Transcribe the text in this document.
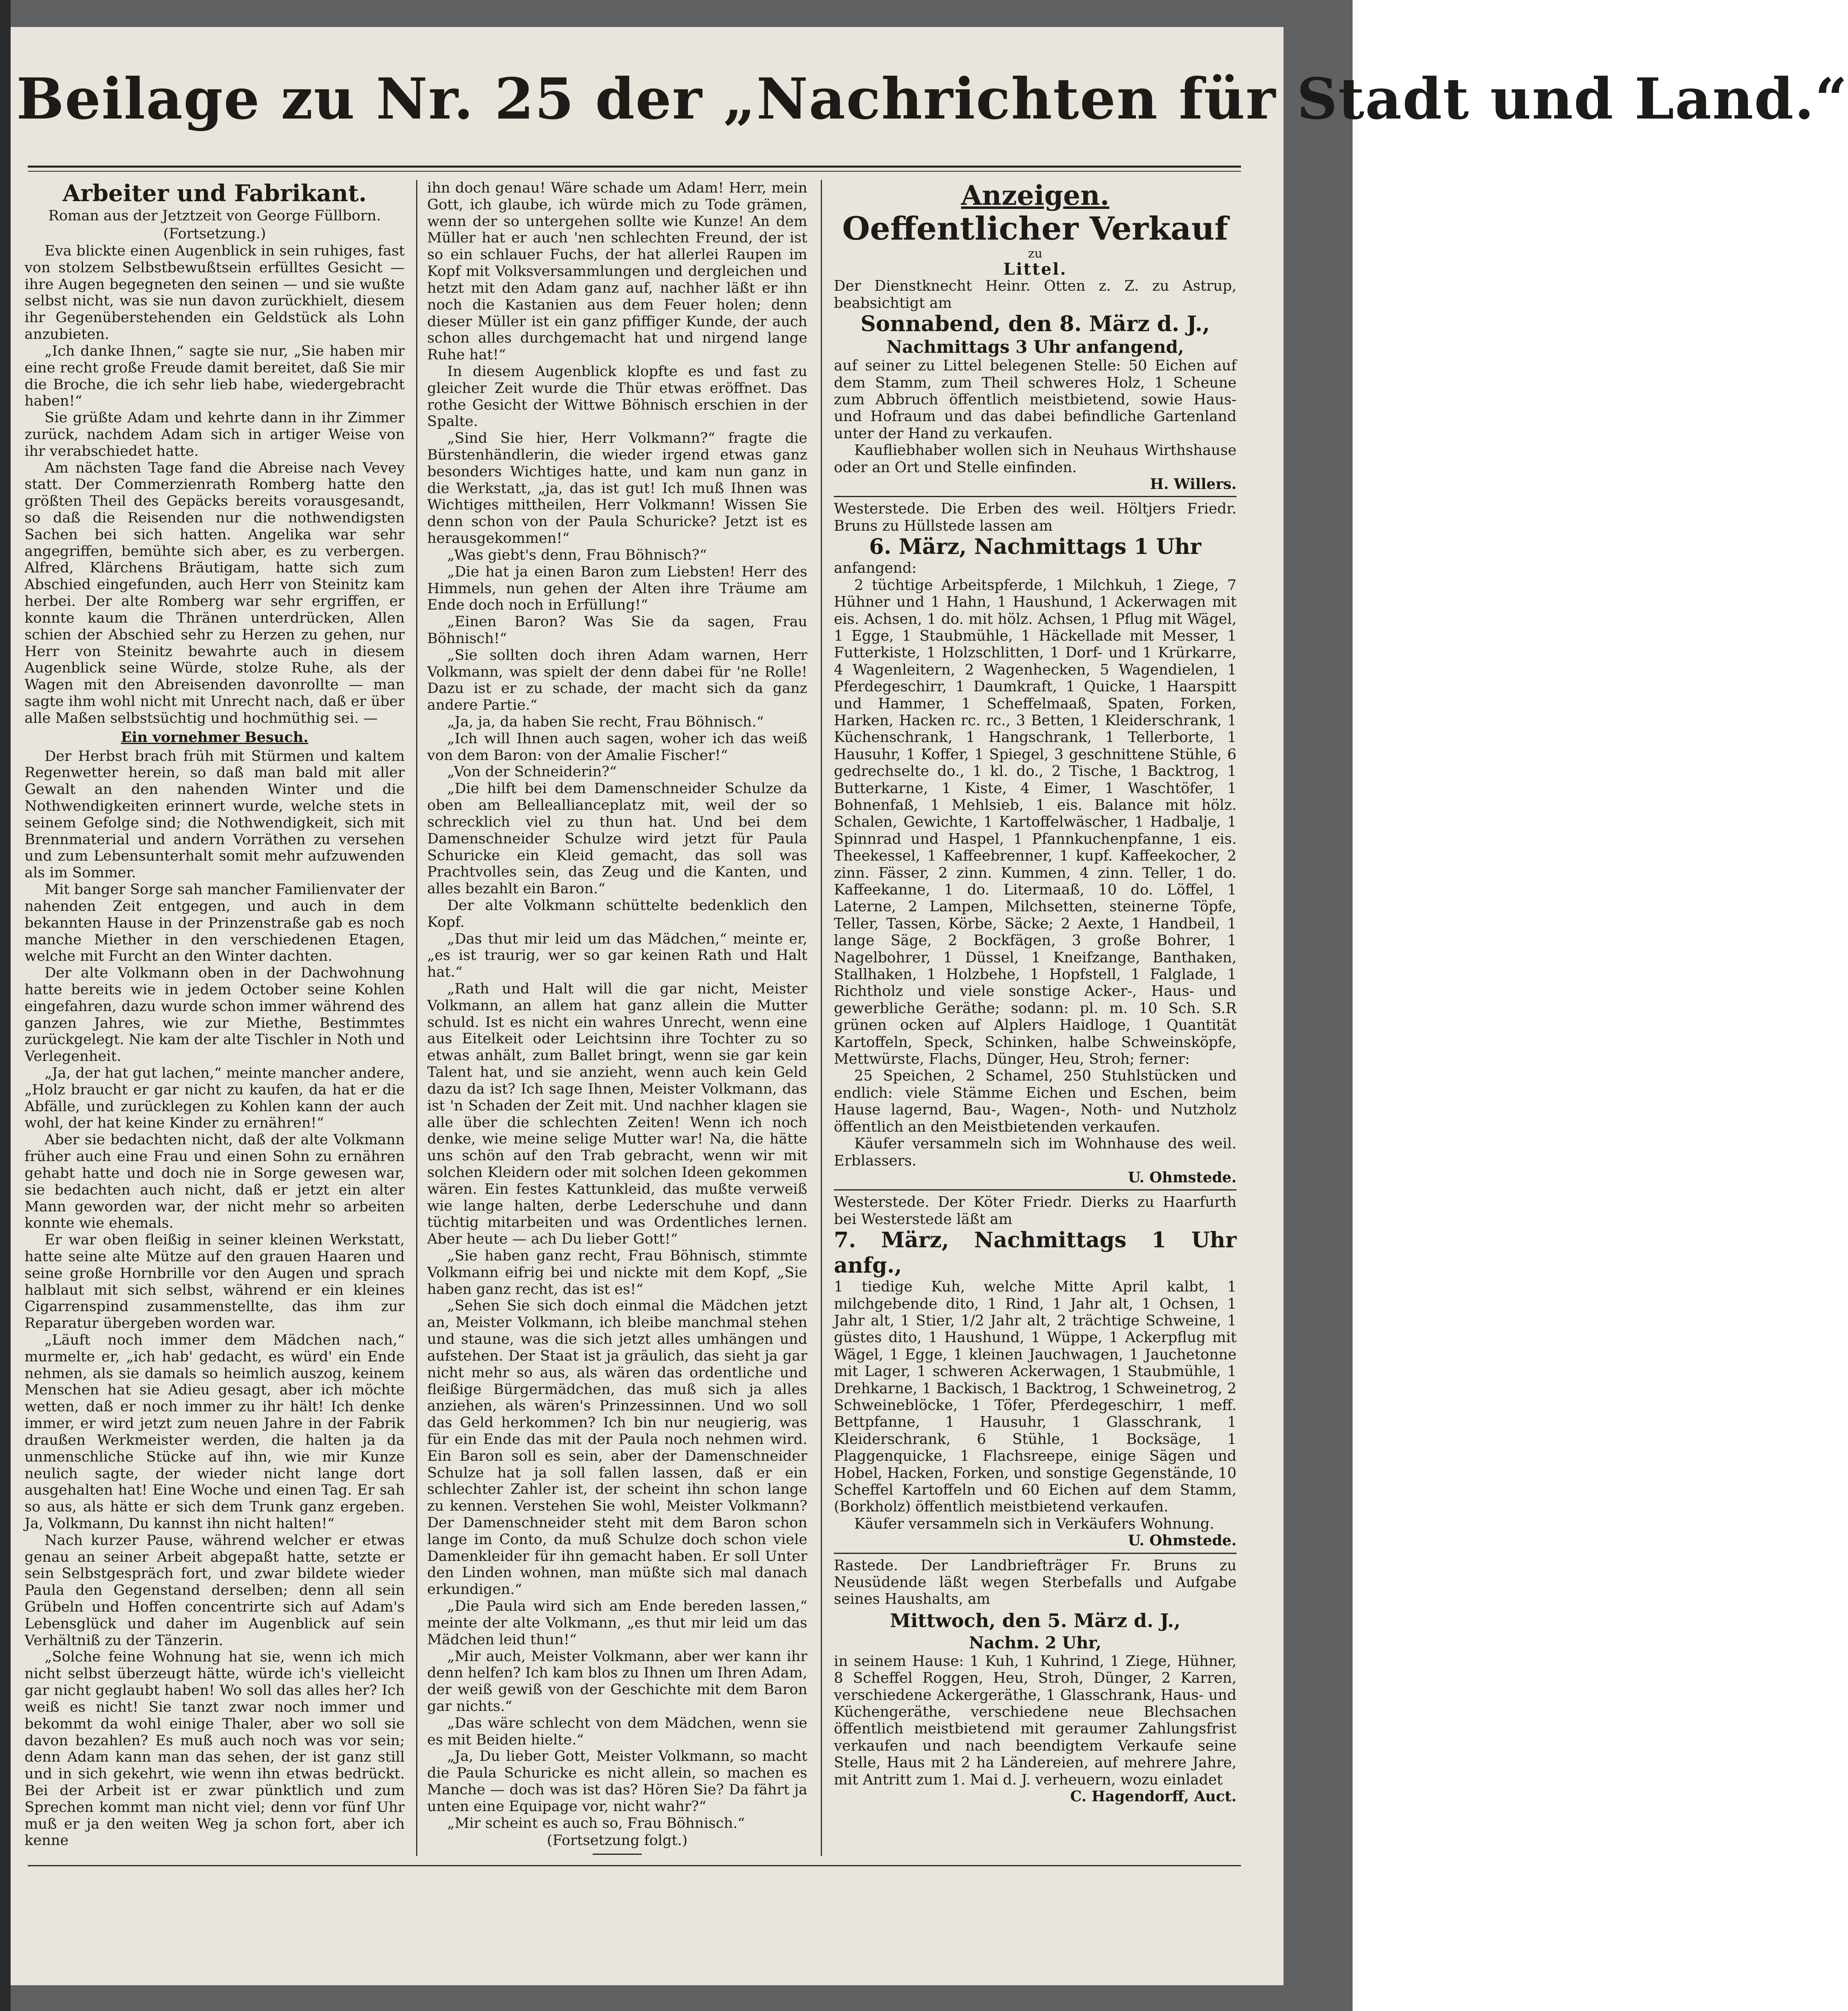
Beilage zu Nr. 25 der „Nachrichten für Stadt und Land.“
Arbeiter und Fabrikant.
Roman aus der Jetztzeit von George Füllborn.
(Fortsetzung.)

Eva blickte einen Augenblick in sein ruhiges, fast von stolzem Selbstbewußtsein erfülltes Gesicht — ihre Augen begegneten den seinen — und sie wußte selbst nicht, was sie nun davon zurückhielt, diesem ihr Gegenüberstehenden ein Geldstück als Lohn anzubieten.

„Ich danke Ihnen,“ sagte sie nur, „Sie haben mir eine recht große Freude damit bereitet, daß Sie mir die Broche, die ich sehr lieb habe, wiedergebracht haben!“

Sie grüßte Adam und kehrte dann in ihr Zimmer zurück, nachdem Adam sich in artiger Weise von ihr verabschiedet hatte.

Am nächsten Tage fand die Abreise nach Vevey statt. Der Commerzienrath Romberg hatte den größten Theil des Gepäcks bereits vorausgesandt, so daß die Reisenden nur die nothwendigsten Sachen bei sich hatten. Angelika war sehr angegriffen, bemühte sich aber, es zu verbergen. Alfred, Klärchens Bräutigam, hatte sich zum Abschied eingefunden, auch Herr von Steinitz kam herbei. Der alte Romberg war sehr ergriffen, er konnte kaum die Thränen unterdrücken, Allen schien der Abschied sehr zu Herzen zu gehen, nur Herr von Steinitz bewahrte auch in diesem Augenblick seine Würde, stolze Ruhe, als der Wagen mit den Abreisenden davonrollte — man sagte ihm wohl nicht mit Unrecht nach, daß er über alle Maßen selbstsüchtig und hochmüthig sei. —

Ein vornehmer Besuch.

Der Herbst brach früh mit Stürmen und kaltem Regenwetter herein, so daß man bald mit aller Gewalt an den nahenden Winter und die Nothwendigkeiten erinnert wurde, welche stets in seinem Gefolge sind; die Nothwendigkeit, sich mit Brennmaterial und andern Vorräthen zu versehen und zum Lebensunterhalt somit mehr aufzuwenden als im Sommer.

Mit banger Sorge sah mancher Familienvater der nahenden Zeit entgegen, und auch in dem bekannten Hause in der Prinzenstraße gab es noch manche Miether in den verschiedenen Etagen, welche mit Furcht an den Winter dachten.

Der alte Volkmann oben in der Dachwohnung hatte bereits wie in jedem October seine Kohlen eingefahren, dazu wurde schon immer während des ganzen Jahres, wie zur Miethe, Bestimmtes zurückgelegt. Nie kam der alte Tischler in Noth und Verlegenheit.

„Ja, der hat gut lachen,“ meinte mancher andere, „Holz braucht er gar nicht zu kaufen, da hat er die Abfälle, und zurücklegen zu Kohlen kann der auch wohl, der hat keine Kinder zu ernähren!“

Aber sie bedachten nicht, daß der alte Volkmann früher auch eine Frau und einen Sohn zu ernähren gehabt hatte und doch nie in Sorge gewesen war, sie bedachten auch nicht, daß er jetzt ein alter Mann geworden war, der nicht mehr so arbeiten konnte wie ehemals.

Er war oben fleißig in seiner kleinen Werkstatt, hatte seine alte Mütze auf den grauen Haaren und seine große Hornbrille vor den Augen und sprach halblaut mit sich selbst, während er ein kleines Cigarrenspind zusammenstellte, das ihm zur Reparatur übergeben worden war.

„Läuft noch immer dem Mädchen nach,“ murmelte er, „ich hab' gedacht, es würd' ein Ende nehmen, als sie damals so heimlich auszog, keinem Menschen hat sie Adieu gesagt, aber ich möchte wetten, daß er noch immer zu ihr hält! Ich denke immer, er wird jetzt zum neuen Jahre in der Fabrik draußen Werkmeister werden, die halten ja da unmenschliche Stücke auf ihn, wie mir Kunze neulich sagte, der wieder nicht lange dort ausgehalten hat! Eine Woche und einen Tag. Er sah so aus, als hätte er sich dem Trunk ganz ergeben. Ja, Volkmann, Du kannst ihn nicht halten!“

Nach kurzer Pause, während welcher er etwas genau an seiner Arbeit abgepaßt hatte, setzte er sein Selbstgespräch fort, und zwar bildete wieder Paula den Gegenstand derselben; denn all sein Grübeln und Hoffen concentrirte sich auf Adam's Lebensglück und daher im Augenblick auf sein Verhältniß zu der Tänzerin.

„Solche feine Wohnung hat sie, wenn ich mich nicht selbst überzeugt hätte, würde ich's vielleicht gar nicht geglaubt haben! Wo soll das alles her? Ich weiß es nicht! Sie tanzt zwar noch immer und bekommt da wohl einige Thaler, aber wo soll sie davon bezahlen? Es muß auch noch was vor sein; denn Adam kann man das sehen, der ist ganz still und in sich gekehrt, wie wenn ihn etwas bedrückt. Bei der Arbeit ist er zwar pünktlich und zum Sprechen kommt man nicht viel; denn vor fünf Uhr muß er ja den weiten Weg ja schon fort, aber ich kenne

ihn doch genau! Wäre schade um Adam! Herr, mein Gott, ich glaube, ich würde mich zu Tode grämen, wenn der so untergehen sollte wie Kunze! An dem Müller hat er auch 'nen schlechten Freund, der ist so ein schlauer Fuchs, der hat allerlei Raupen im Kopf mit Volksversammlungen und dergleichen und hetzt mit den Adam ganz auf, nachher läßt er ihn noch die Kastanien aus dem Feuer holen; denn dieser Müller ist ein ganz pfiffiger Kunde, der auch schon alles durchgemacht hat und nirgend lange Ruhe hat!“

In diesem Augenblick klopfte es und fast zu gleicher Zeit wurde die Thür etwas eröffnet. Das rothe Gesicht der Wittwe Böhnisch erschien in der Spalte.

„Sind Sie hier, Herr Volkmann?“ fragte die Bürstenhändlerin, die wieder irgend etwas ganz besonders Wichtiges hatte, und kam nun ganz in die Werkstatt, „ja, das ist gut! Ich muß Ihnen was Wichtiges mittheilen, Herr Volkmann! Wissen Sie denn schon von der Paula Schuricke? Jetzt ist es herausgekommen!“

„Was giebt's denn, Frau Böhnisch?“

„Die hat ja einen Baron zum Liebsten! Herr des Himmels, nun gehen der Alten ihre Träume am Ende doch noch in Erfüllung!“

„Einen Baron? Was Sie da sagen, Frau Böhnisch!“

„Sie sollten doch ihren Adam warnen, Herr Volkmann, was spielt der denn dabei für 'ne Rolle! Dazu ist er zu schade, der macht sich da ganz andere Partie.“

„Ja, ja, da haben Sie recht, Frau Böhnisch.“

„Ich will Ihnen auch sagen, woher ich das weiß von dem Baron: von der Amalie Fischer!“

„Von der Schneiderin?“

„Die hilft bei dem Damenschneider Schulze da oben am Belleallianceplatz mit, weil der so schrecklich viel zu thun hat. Und bei dem Damenschneider Schulze wird jetzt für Paula Schuricke ein Kleid gemacht, das soll was Prachtvolles sein, das Zeug und die Kanten, und alles bezahlt ein Baron.“

Der alte Volkmann schüttelte bedenklich den Kopf.

„Das thut mir leid um das Mädchen,“ meinte er, „es ist traurig, wer so gar keinen Rath und Halt hat.“

„Rath und Halt will die gar nicht, Meister Volkmann, an allem hat ganz allein die Mutter schuld. Ist es nicht ein wahres Unrecht, wenn eine aus Eitelkeit oder Leichtsinn ihre Tochter zu so etwas anhält, zum Ballet bringt, wenn sie gar kein Talent hat, und sie anzieht, wenn auch kein Geld dazu da ist? Ich sage Ihnen, Meister Volkmann, das ist 'n Schaden der Zeit mit. Und nachher klagen sie alle über die schlechten Zeiten! Wenn ich noch denke, wie meine selige Mutter war! Na, die hätte uns schön auf den Trab gebracht, wenn wir mit solchen Kleidern oder mit solchen Ideen gekommen wären. Ein festes Kattunkleid, das mußte verweiß wie lange halten, derbe Lederschuhe und dann tüchtig mitarbeiten und was Ordentliches lernen. Aber heute — ach Du lieber Gott!“

„Sie haben ganz recht, Frau Böhnisch, stimmte Volkmann eifrig bei und nickte mit dem Kopf, „Sie haben ganz recht, das ist es!“

„Sehen Sie sich doch einmal die Mädchen jetzt an, Meister Volkmann, ich bleibe manchmal stehen und staune, was die sich jetzt alles umhängen und aufstehen. Der Staat ist ja gräulich, das sieht ja gar nicht mehr so aus, als wären das ordentliche und fleißige Bürgermädchen, das muß sich ja alles anziehen, als wären's Prinzessinnen. Und wo soll das Geld herkommen? Ich bin nur neugierig, was für ein Ende das mit der Paula noch nehmen wird. Ein Baron soll es sein, aber der Damenschneider Schulze hat ja soll fallen lassen, daß er ein schlechter Zahler ist, der scheint ihn schon lange zu kennen. Verstehen Sie wohl, Meister Volkmann? Der Damenschneider steht mit dem Baron schon lange im Conto, da muß Schulze doch schon viele Damenkleider für ihn gemacht haben. Er soll Unter den Linden wohnen, man müßte sich mal danach erkundigen.“

„Die Paula wird sich am Ende bereden lassen,“ meinte der alte Volkmann, „es thut mir leid um das Mädchen leid thun!“

„Mir auch, Meister Volkmann, aber wer kann ihr denn helfen? Ich kam blos zu Ihnen um Ihren Adam, der weiß gewiß von der Geschichte mit dem Baron gar nichts.“

„Das wäre schlecht von dem Mädchen, wenn sie es mit Beiden hielte.“

„Ja, Du lieber Gott, Meister Volkmann, so macht die Paula Schuricke es nicht allein, so machen es Manche — doch was ist das? Hören Sie? Da fährt ja unten eine Equipage vor, nicht wahr?“

„Mir scheint es auch so, Frau Böhnisch.“

(Fortsetzung folgt.)
Anzeigen.
Oeffentlicher Verkauf
zu
Littel.

Der Dienstknecht Heinr. Otten z. Z. zu Astrup, beabsichtigt am

Sonnabend, den 8. März d. J.,
Nachmittags 3 Uhr anfangend,

auf seiner zu Littel belegenen Stelle: 50 Eichen auf dem Stamm, zum Theil schweres Holz, 1 Scheune zum Abbruch öffentlich meistbietend, sowie Haus- und Hofraum und das dabei befindliche Gartenland unter der Hand zu verkaufen.

Kaufliebhaber wollen sich in Neuhaus Wirthshause oder an Ort und Stelle einfinden.

H. Willers.

Westerstede. Die Erben des weil. Höltjers Friedr. Bruns zu Hüllstede lassen am

6. März, Nachmittags 1 Uhr

anfangend:

2 tüchtige Arbeitspferde, 1 Milchkuh, 1 Ziege, 7 Hühner und 1 Hahn, 1 Haushund, 1 Ackerwagen mit eis. Achsen, 1 do. mit hölz. Achsen, 1 Pflug mit Wägel, 1 Egge, 1 Staubmühle, 1 Häckellade mit Messer, 1 Futterkiste, 1 Holzschlitten, 1 Dorf- und 1 Krürkarre, 4 Wagenleitern, 2 Wagenhecken, 5 Wagendielen, 1 Pferdegeschirr, 1 Daumkraft, 1 Quicke, 1 Haarspitt und Hammer, 1 Scheffelmaaß, Spaten, Forken, Harken, Hacken rc. rc., 3 Betten, 1 Kleiderschrank, 1 Küchenschrank, 1 Hangschrank, 1 Tellerborte, 1 Hausuhr, 1 Koffer, 1 Spiegel, 3 geschnittene Stühle, 6 gedrechselte do., 1 kl. do., 2 Tische, 1 Backtrog, 1 Butterkarne, 1 Kiste, 4 Eimer, 1 Waschtöfer, 1 Bohnenfaß, 1 Mehlsieb, 1 eis. Balance mit hölz. Schalen, Gewichte, 1 Kartoffelwäscher, 1 Hadbalje, 1 Spinnrad und Haspel, 1 Pfannkuchenpfanne, 1 eis. Theekessel, 1 Kaffeebrenner, 1 kupf. Kaffeekocher, 2 zinn. Fässer, 2 zinn. Kummen, 4 zinn. Teller, 1 do. Kaffeekanne, 1 do. Litermaaß, 10 do. Löffel, 1 Laterne, 2 Lampen, Milchsetten, steinerne Töpfe, Teller, Tassen, Körbe, Säcke; 2 Aexte, 1 Handbeil, 1 lange Säge, 2 Bockfägen, 3 große Bohrer, 1 Nagelbohrer, 1 Düssel, 1 Kneifzange, Banthaken, Stallhaken, 1 Holzbehe, 1 Hopfstell, 1 Falglade, 1 Richtholz und viele sonstige Acker-, Haus- und gewerbliche Geräthe; sodann: pl. m. 10 Sch. S.R grünen ocken auf Alplers Haidloge, 1 Quantität Kartoffeln, Speck, Schinken, halbe Schweinsköpfe, Mettwürste, Flachs, Dünger, Heu, Stroh; ferner:

25 Speichen, 2 Schamel, 250 Stuhlstücken und endlich: viele Stämme Eichen und Eschen, beim Hause lagernd, Bau-, Wagen-, Noth- und Nutzholz öffentlich an den Meistbietenden verkaufen.

Käufer versammeln sich im Wohnhause des weil. Erblassers.

U. Ohmstede.

Westerstede. Der Köter Friedr. Dierks zu Haarfurth bei Westerstede läßt am

7. März, Nachmittags 1 Uhr anfg.,

1 tiedige Kuh, welche Mitte April kalbt, 1 milchgebende dito, 1 Rind, 1 Jahr alt, 1 Ochsen, 1 Jahr alt, 1 Stier, 1/2 Jahr alt, 2 trächtige Schweine, 1 güstes dito, 1 Haushund, 1 Wüppe, 1 Ackerpflug mit Wägel, 1 Egge, 1 kleinen Jauchwagen, 1 Jauchetonne mit Lager, 1 schweren Ackerwagen, 1 Staubmühle, 1 Drehkarne, 1 Backisch, 1 Backtrog, 1 Schweinetrog, 2 Schweineblöcke, 1 Töfer, Pferdegeschirr, 1 meff. Bettpfanne, 1 Hausuhr, 1 Glasschrank, 1 Kleiderschrank, 6 Stühle, 1 Bocksäge, 1 Plaggenquicke, 1 Flachsreepe, einige Sägen und Hobel, Hacken, Forken, und sonstige Gegenstände, 10 Scheffel Kartoffeln und 60 Eichen auf dem Stamm, (Borkholz) öffentlich meistbietend verkaufen.

Käufer versammeln sich in Verkäufers Wohnung.

U. Ohmstede.

Rastede. Der Landbriefträger Fr. Bruns zu Neusüdende läßt wegen Sterbefalls und Aufgabe seines Haushalts, am

Mittwoch, den 5. März d. J.,
Nachm. 2 Uhr,

in seinem Hause: 1 Kuh, 1 Kuhrind, 1 Ziege, Hühner, 8 Scheffel Roggen, Heu, Stroh, Dünger, 2 Karren, verschiedene Ackergeräthe, 1 Glasschrank, Haus- und Küchengeräthe, verschiedene neue Blechsachen öffentlich meistbietend mit geraumer Zahlungsfrist verkaufen und nach beendigtem Verkaufe seine Stelle, Haus mit 2 ha Ländereien, auf mehrere Jahre, mit Antritt zum 1. Mai d. J. verheuern, wozu einladet

C. Hagendorff, Auct.
